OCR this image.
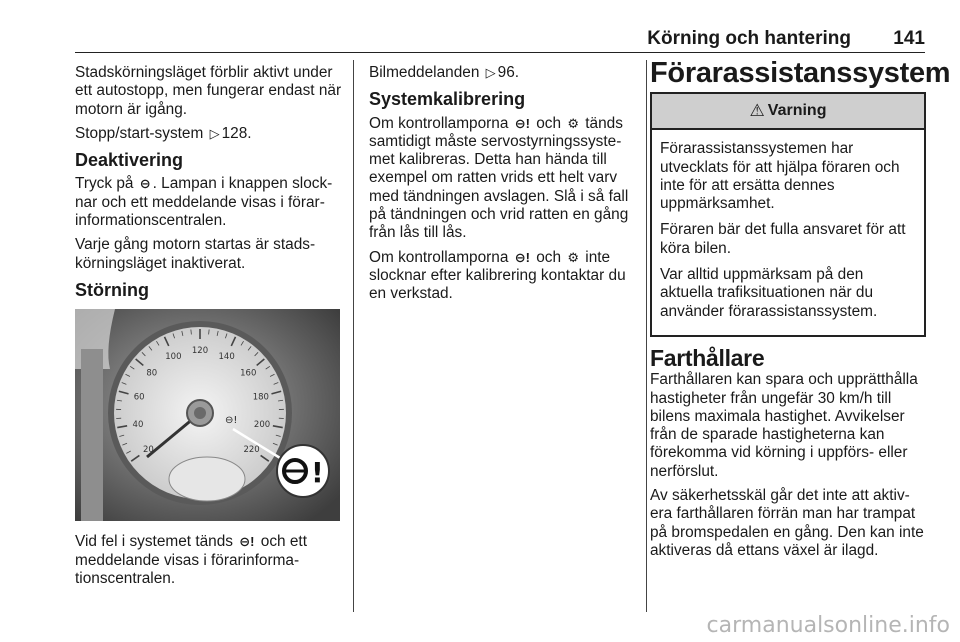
Körning och hantering 141

Stadskörningsläget förblir aktivt under ett autostopp, men fungerar endast när motorn är igång.

Stopp/start-system ▷ 128.

Deaktivering

Tryck på ⊖ . Lampan i knappen slocknar och ett meddelande visas i förarinformationscentralen.

Varje gång motorn startas är stadskörningsläget inaktiverat.

Störning
20
40
60
80
100
120
140
160
180
200
220
⊖!
!

Vid fel i systemet tänds ⊖! och ett meddelande visas i förarinformationscentralen.

Bilmeddelanden ▷ 96.

Systemkalibrering

Om kontrollamporna ⊖! och ⚙ tänds samtidigt måste servostyrningssystemet kalibreras. Detta han hända till exempel om ratten vrids ett helt varv med tändningen avslagen. Slå i så fall på tändningen och vrid ratten en gång från lås till lås.

Om kontrollamporna ⊖! och ⚙ inte slocknar efter kalibrering kontaktar du en verkstad.

Förarassistanssystem
⚠ Varning

Förarassistanssystemen har utvecklats för att hjälpa föraren och inte för att ersätta dennes uppmärksamhet.

Föraren bär det fulla ansvaret för att köra bilen.

Var alltid uppmärksam på den aktuella trafiksituationen när du använder förarassistanssystem.

Farthållare

Farthållaren kan spara och upprätthålla hastigheter från ungefär 30 km/h till bilens maximala hastighet. Avvikelser från de sparade hastigheterna kan förekomma vid körning i uppförs- eller nerförslut.

Av säkerhetsskäl går det inte att aktivera farthållaren förrän man har trampat på bromspedalen en gång. Den kan inte aktiveras då ettans växel är ilagd.

carmanualsonline.info
